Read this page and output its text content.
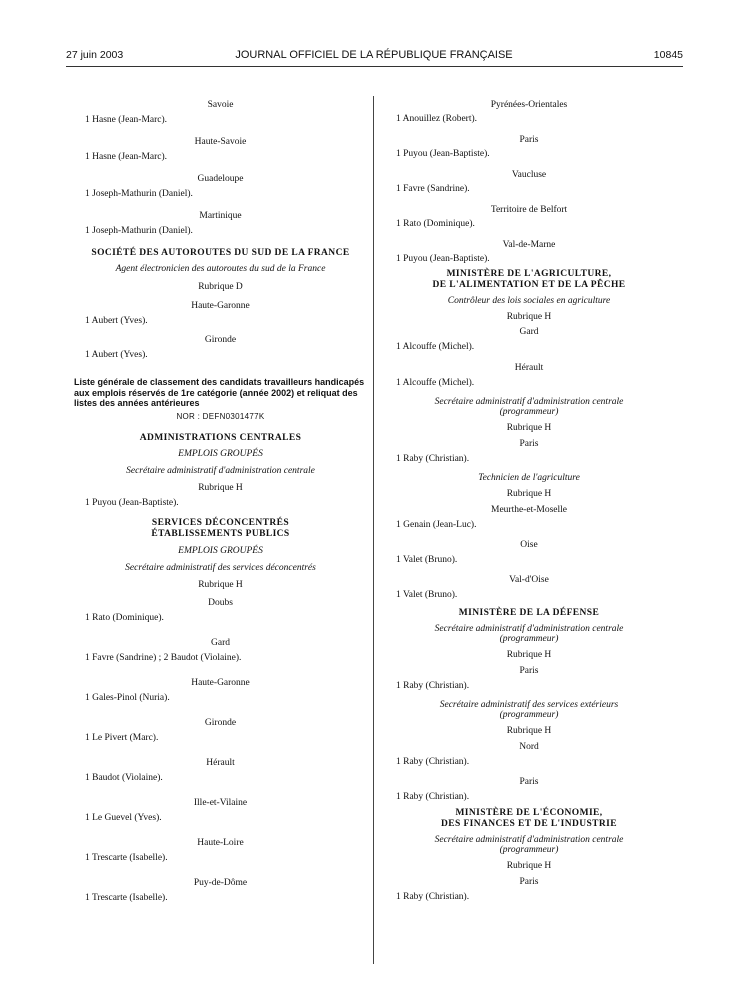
27 juin 2003	JOURNAL OFFICIEL DE LA RÉPUBLIQUE FRANÇAISE	10845
Savoie
1 Hasne (Jean-Marc).
Haute-Savoie
1 Hasne (Jean-Marc).
Guadeloupe
1 Joseph-Mathurin (Daniel).
Martinique
1 Joseph-Mathurin (Daniel).
SOCIÉTÉ DES AUTOROUTES DU SUD DE LA FRANCE
Agent électronicien des autoroutes du sud de la France
Rubrique D
Haute-Garonne
1 Aubert (Yves).
Gironde
1 Aubert (Yves).
Liste générale de classement des candidats travailleurs handicapés aux emplois réservés de 1re catégorie (année 2002) et reliquat des listes des années antérieures
NOR : DEFN0301477K
ADMINISTRATIONS CENTRALES
EMPLOIS GROUPÉS
Secrétaire administratif d'administration centrale
Rubrique H
1 Puyou (Jean-Baptiste).
SERVICES DÉCONCENTRÉS
ÉTABLISSEMENTS PUBLICS
EMPLOIS GROUPÉS
Secrétaire administratif des services déconcentrés
Rubrique H
Doubs
1 Rato (Dominique).
Gard
1 Favre (Sandrine) ; 2 Baudot (Violaine).
Haute-Garonne
1 Gales-Pinol (Nuria).
Gironde
1 Le Pivert (Marc).
Hérault
1 Baudot (Violaine).
Ille-et-Vilaine
1 Le Guevel (Yves).
Haute-Loire
1 Trescarte (Isabelle).
Puy-de-Dôme
1 Trescarte (Isabelle).
Pyrénées-Orientales
1 Anouillez (Robert).
Paris
1 Puyou (Jean-Baptiste).
Vaucluse
1 Favre (Sandrine).
Territoire de Belfort
1 Rato (Dominique).
Val-de-Marne
1 Puyou (Jean-Baptiste).
MINISTÈRE DE L'AGRICULTURE,
DE L'ALIMENTATION ET DE LA PÊCHE
Contrôleur des lois sociales en agriculture
Rubrique H
Gard
1 Alcouffe (Michel).
Hérault
1 Alcouffe (Michel).
Secrétaire administratif d'administration centrale
(programmeur)
Rubrique H
Paris
1 Raby (Christian).
Technicien de l'agriculture
Rubrique H
Meurthe-et-Moselle
1 Genain (Jean-Luc).
Oise
1 Valet (Bruno).
Val-d'Oise
1 Valet (Bruno).
MINISTÈRE DE LA DÉFENSE
Secrétaire administratif d'administration centrale
(programmeur)
Rubrique H
Paris
1 Raby (Christian).
Secrétaire administratif des services extérieurs
(programmeur)
Rubrique H
Nord
1 Raby (Christian).
Paris
1 Raby (Christian).
MINISTÈRE DE L'ÉCONOMIE,
DES FINANCES ET DE L'INDUSTRIE
Secrétaire administratif d'administration centrale
(programmeur)
Rubrique H
Paris
1 Raby (Christian).
